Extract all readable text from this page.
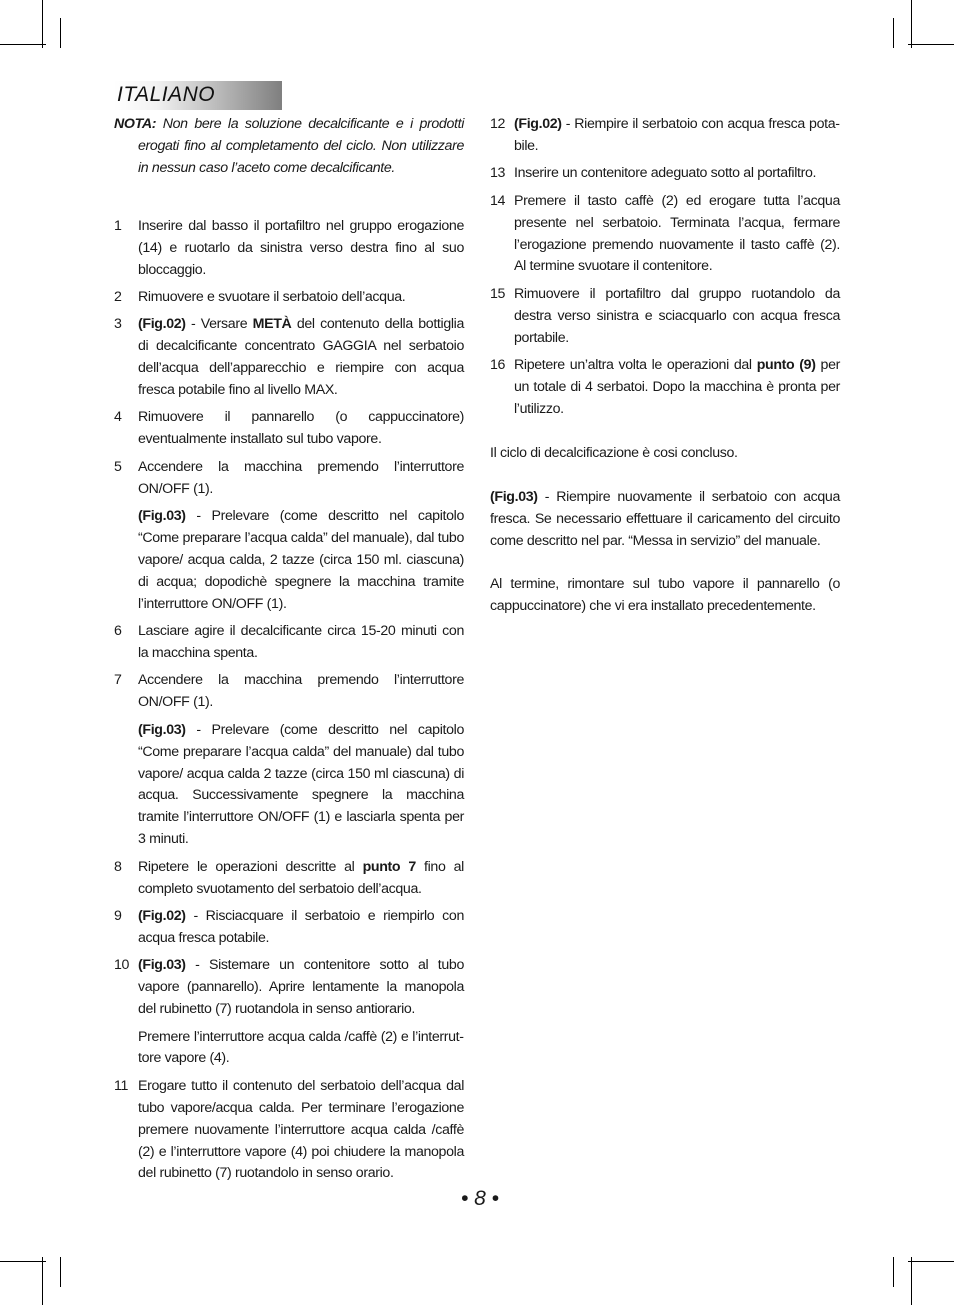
ITALIANO

NOTA: Non bere la soluzione decalcificante e i prodotti erogati fino al completamento del ciclo. Non utilizzare in nessun caso l’aceto come decalcificante.

1 Inserire dal basso il portafiltro nel gruppo erogazione (14) e ruotarlo da sinistra verso destra fino al suo bloccaggio.

2 Rimuovere e svuotare il serbatoio dell’acqua.

3 (Fig.02) - Versare METÀ del contenuto della bottiglia di decalcificante concentrato GAGGIA nel serbatoio dell’acqua dell’apparecchio e riempire con acqua fresca potabile fino al livello MAX.

4 Rimuovere il pannarello (o cappuccinatore) eventualmente installato sul tubo vapore.

5 Accendere la macchina premendo l’interruttore ON/OFF (1).

(Fig.03) - Prelevare (come descritto nel capitolo “Come preparare l’acqua calda” del manuale), dal tubo vapore/ acqua calda, 2 tazze (circa 150 ml. ciascuna) di acqua; dopodichè spegnere la macchina tramite l’interruttore ON/OFF (1).

6 Lasciare agire il decalcificante circa 15-20 minuti con la macchina spenta.

7 Accendere la macchina premendo l’interruttore ON/OFF (1).

(Fig.03) - Prelevare (come descritto nel capitolo “Come preparare l’acqua calda” del manuale) dal tubo vapore/ acqua calda 2 tazze (circa 150 ml ciascuna) di acqua. Successivamente spegnere la macchina tramite l’interruttore ON/OFF (1) e lasciarla spenta per 3 minuti.

8 Ripetere le operazioni descritte al punto 7 fino al completo svuotamento del serbatoio dell’acqua.

9 (Fig.02) - Risciacquare il serbatoio e riempirlo con acqua fresca potabile.

10 (Fig.03) - Sistemare un contenitore sotto al tubo vapore (pannarello). Aprire lentamente la manopola del rubinetto (7) ruotandola in senso antiorario.

Premere l’interruttore acqua calda /caffè (2) e l’interruttore vapore (4).

11 Erogare tutto il contenuto del serbatoio dell’acqua dal tubo vapore/acqua calda. Per terminare l’erogazione premere nuovamente l’interruttore acqua calda /caffè (2) e l’interruttore vapore (4) poi chiudere la manopola del rubinetto (7) ruotandolo in senso orario.

12 (Fig.02) - Riempire il serbatoio con acqua fresca potabile.

13 Inserire un contenitore adeguato sotto al portafiltro.

14 Premere il tasto caffè (2) ed erogare tutta l’acqua presente nel serbatoio. Terminata l’acqua, fermare l’erogazione premendo nuovamente il tasto caffè (2). Al termine svuotare il contenitore.

15 Rimuovere il portafiltro dal gruppo ruotandolo da destra verso sinistra e sciacquarlo con acqua fresca portabile.

16 Ripetere un’altra volta le operazioni dal punto (9) per un totale di 4 serbatoi. Dopo la macchina è pronta per l’utilizzo.

Il ciclo di decalcificazione è cosi concluso.

(Fig.03) - Riempire nuovamente il serbatoio con acqua fresca. Se necessario effettuare il caricamento del circuito come descritto nel par. “Messa in servizio” del manuale.

Al termine, rimontare sul tubo vapore il pannarello (o cappuccinatore) che vi era installato precedentemente.

• 8 •
